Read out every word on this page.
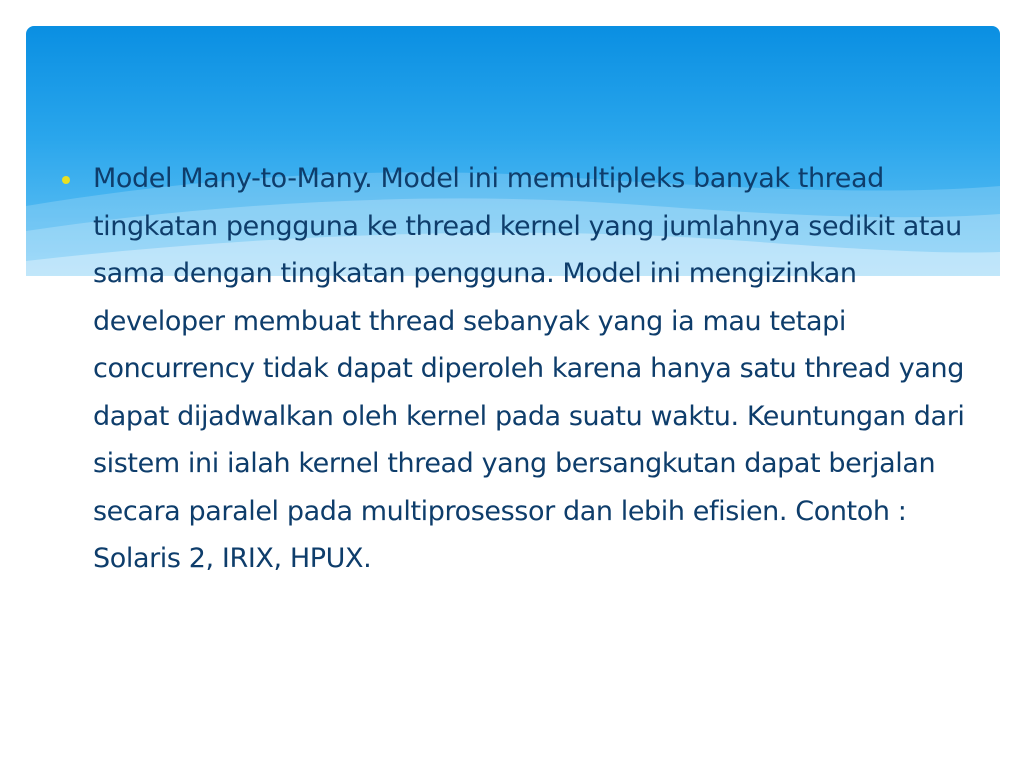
Model Many-to-Many. Model ini memultipleks banyak thread tingkatan pengguna ke thread kernel yang jumlahnya sedikit atau sama dengan tingkatan pengguna. Model ini mengizinkan developer membuat thread sebanyak yang ia mau tetapi concurrency tidak dapat diperoleh karena hanya satu thread yang dapat dijadwalkan oleh kernel pada suatu waktu. Keuntungan dari sistem ini ialah kernel thread yang bersangkutan dapat berjalan secara paralel pada multiprosessor dan lebih efisien. Contoh : Solaris 2, IRIX, HPUX.
